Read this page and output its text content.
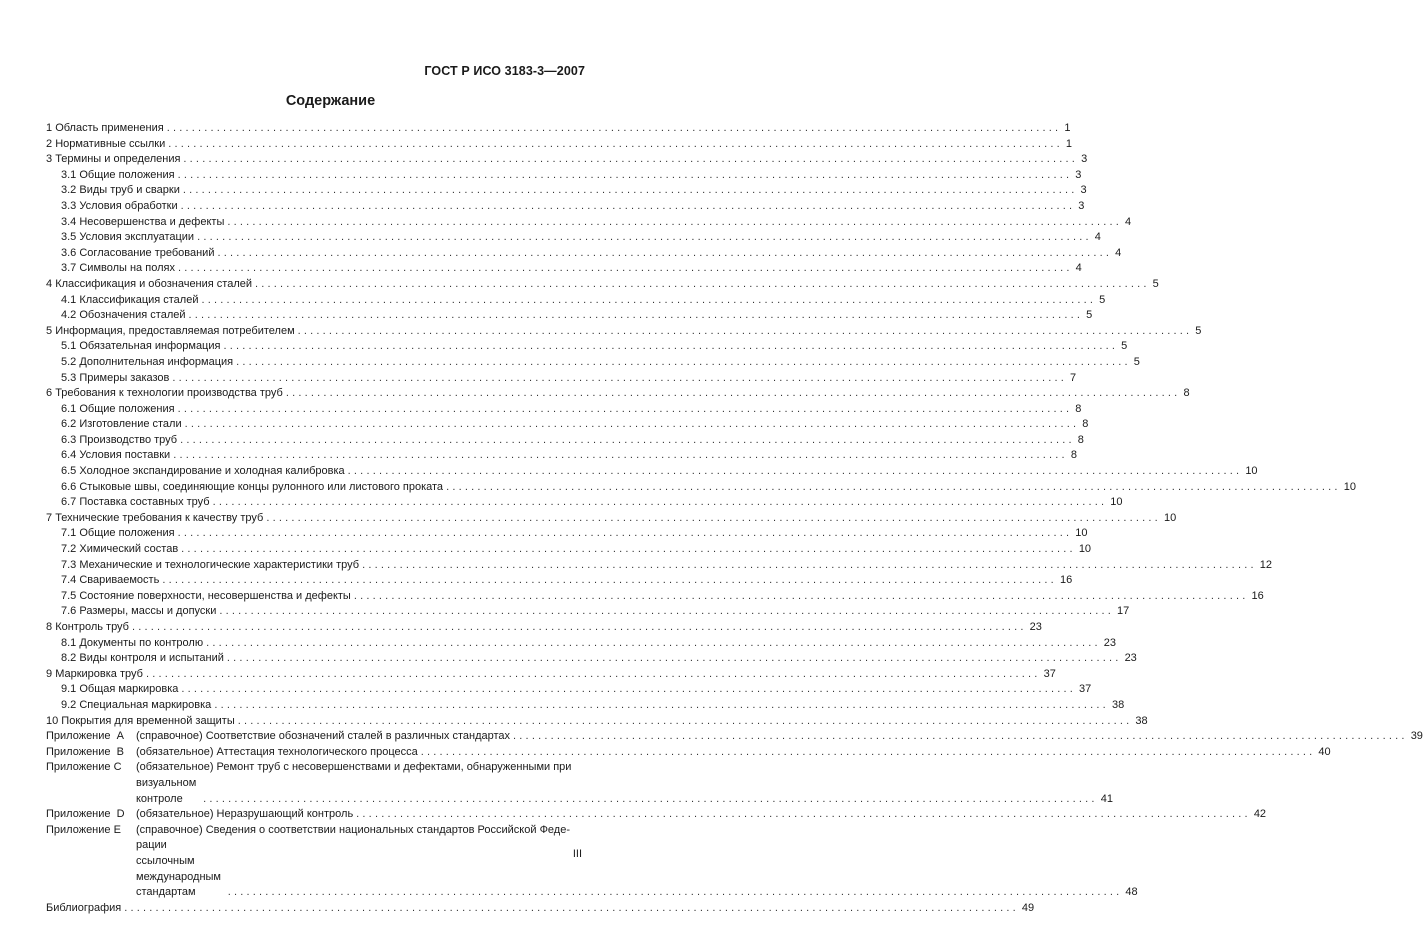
ГОСТ Р ИСО 3183-3—2007
Содержание
1 Область применения ............................................................................................................................................... 1
2 Нормативные ссылки ............................................................................................................................................... 1
3 Термины и определения ............................................................................................................................................... 3
3.1 Общие положения ............................................................................................................................................... 3
3.2 Виды труб и сварки ............................................................................................................................................... 3
3.3 Условия обработки ............................................................................................................................................... 3
3.4 Несовершенства и дефекты ............................................................................................................................................... 4
3.5 Условия эксплуатации ............................................................................................................................................... 4
3.6 Согласование требований ............................................................................................................................................... 4
3.7 Символы на полях ............................................................................................................................................... 4
4 Классификация и обозначения сталей ............................................................................................................................................... 5
4.1 Классификация сталей ............................................................................................................................................... 5
4.2 Обозначения сталей ............................................................................................................................................... 5
5 Информация, предоставляемая потребителем ............................................................................................................................................... 5
5.1 Обязательная информация ............................................................................................................................................... 5
5.2 Дополнительная информация ............................................................................................................................................... 5
5.3 Примеры заказов ............................................................................................................................................... 7
6 Требования к технологии производства труб ............................................................................................................................................... 8
6.1 Общие положения ............................................................................................................................................... 8
6.2 Изготовление стали ............................................................................................................................................... 8
6.3 Производство труб ............................................................................................................................................... 8
6.4 Условия поставки ............................................................................................................................................... 8
6.5 Холодное экспандирование и холодная калибровка ............................................................................................................................................... 10
6.6 Стыковые швы, соединяющие концы рулонного или листового проката ............................................................................................................................................... 10
6.7 Поставка составных труб ............................................................................................................................................... 10
7 Технические требования к качеству труб ............................................................................................................................................... 10
7.1 Общие положения ............................................................................................................................................... 10
7.2 Химический состав ............................................................................................................................................... 10
7.3 Механические и технологические характеристики труб ............................................................................................................................................... 12
7.4 Свариваемость ............................................................................................................................................... 16
7.5 Состояние поверхности, несовершенства и дефекты ............................................................................................................................................... 16
7.6 Размеры, массы и допуски ............................................................................................................................................... 17
8 Контроль труб ............................................................................................................................................... 23
8.1 Документы по контролю ............................................................................................................................................... 23
8.2 Виды контроля и испытаний ............................................................................................................................................... 23
9 Маркировка труб ............................................................................................................................................... 37
9.1 Общая маркировка ............................................................................................................................................... 37
9.2 Специальная маркировка ............................................................................................................................................... 38
10 Покрытия для временной защиты ............................................................................................................................................... 38
Приложение  A	(справочное) Соответствие обозначений сталей в различных стандартах ............................................................................................................................................... 39
Приложение  B	(обязательное) Аттестация технологического процесса ............................................................................................................................................... 40
Приложение C	(обязательное) Ремонт труб с несовершенствами и дефектами, обнаруженными при
визуальном контроле	............................................................................................................................................... 41
Приложение  D	(обязательное) Неразрушающий контроль ............................................................................................................................................... 42
Приложение E	(справочное) Сведения о соответствии национальных стандартов Российской Феде-
рации ссылочным международным стандартам	............................................................................................................................................... 48
Библиография ............................................................................................................................................... 49
III
